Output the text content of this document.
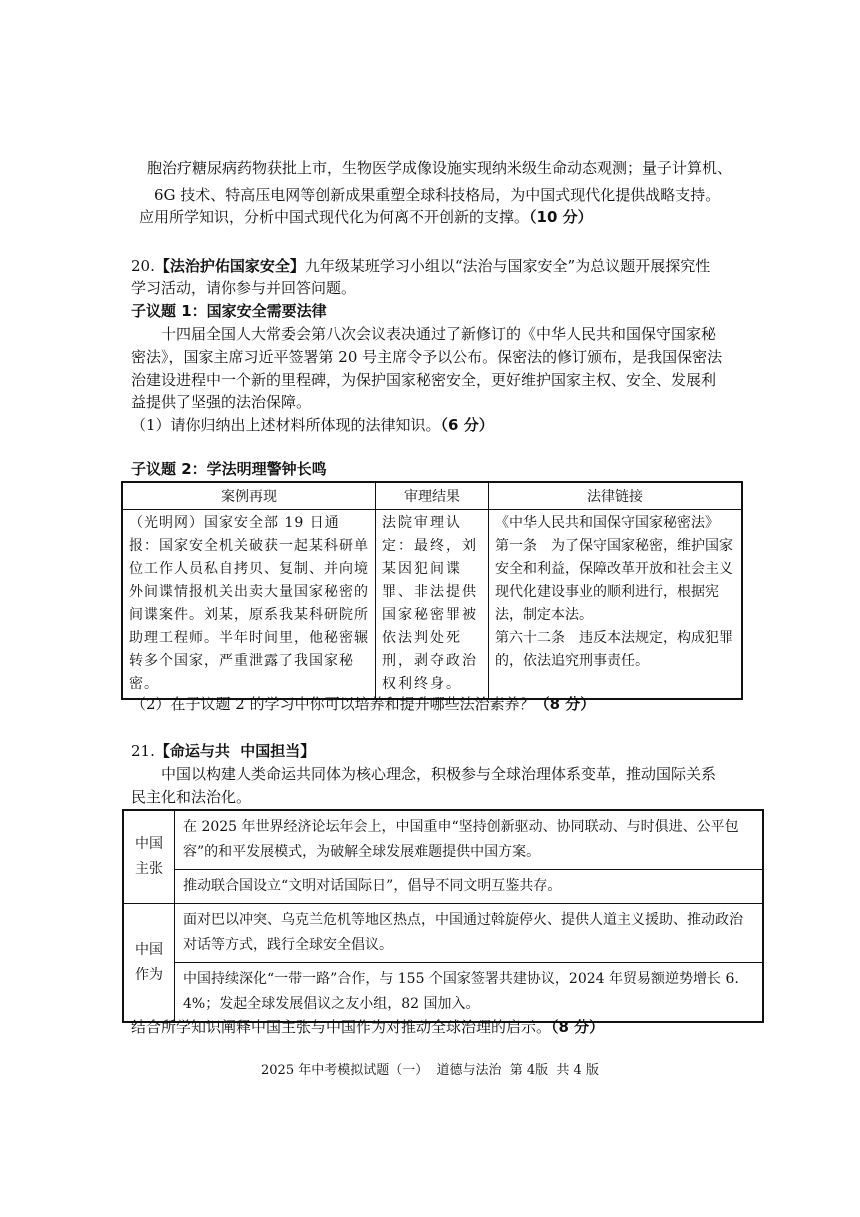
胞治疗糖尿病药物获批上市，生物医学成像设施实现纳米级生命动态观测；量子计算机、
6G 技术、特高压电网等创新成果重塑全球科技格局，为中国式现代化提供战略支持。
应用所学知识，分析中国式现代化为何离不开创新的支撑。（10 分）
20.【法治护佑国家安全】九年级某班学习小组以“法治与国家安全”为总议题开展探究性
学习活动，请你参与并回答问题。
子议题 1：国家安全需要法律
十四届全国人大常委会第八次会议表决通过了新修订的《中华人民共和国保守国家秘
密法》，国家主席习近平签署第 20 号主席令予以公布。保密法的修订颁布，是我国保密法
治建设进程中一个新的里程碑，为保护国家秘密安全，更好维护国家主权、安全、发展利
益提供了坚强的法治保障。
（1）请你归纳出上述材料所体现的法律知识。（6 分）
子议题 2：学法明理警钟长鸣
案例再现	审理结果	法律链接
（光明网）国家安全部 19 日通报：国家安全机关破获一起某科研单位工作人员私自拷贝、复制、并向境外间谍情报机关出卖大量国家秘密的间谍案件。刘某，原系我某科研院所助理工程师。半年时间里，他秘密辗转多个国家，严重泄露了我国家秘密。	法院审理认定：最终，刘某因犯间谍罪、非法提供国家秘密罪被依法判处死刑，剥夺政治权利终身。	《中华人民共和国保守国家秘密法》
第一条　为了保守国家秘密，维护国家安全和利益，保障改革开放和社会主义现代化建设事业的顺利进行，根据宪法，制定本法。
第六十二条　违反本法规定，构成犯罪的，依法追究刑事责任。
（2）在子议题 2 的学习中你可以培养和提升哪些法治素养？（8 分）
21.【命运与共  中国担当】
中国以构建人类命运共同体为核心理念，积极参与全球治理体系变革，推动国际关系
民主化和法治化。
中国主张	在 2025 年世界经济论坛年会上，中国重申“坚持创新驱动、协同联动、与时俱进、公平包容”的和平发展模式，为破解全球发展难题提供中国方案。
	推动联合国设立“文明对话国际日”，倡导不同文明互鉴共存。
中国作为	面对巴以冲突、乌克兰危机等地区热点，中国通过斡旋停火、提供人道主义援助、推动政治对话等方式，践行全球安全倡议。
	中国持续深化“一带一路”合作，与 155 个国家签署共建协议，2024 年贸易额逆势增长 6.4%；发起全球发展倡议之友小组，82 国加入。
结合所学知识阐释中国主张与中国作为对推动全球治理的启示。（8 分）
2025 年中考模拟试题（一）  道德与法治  第 4版  共 4 版
